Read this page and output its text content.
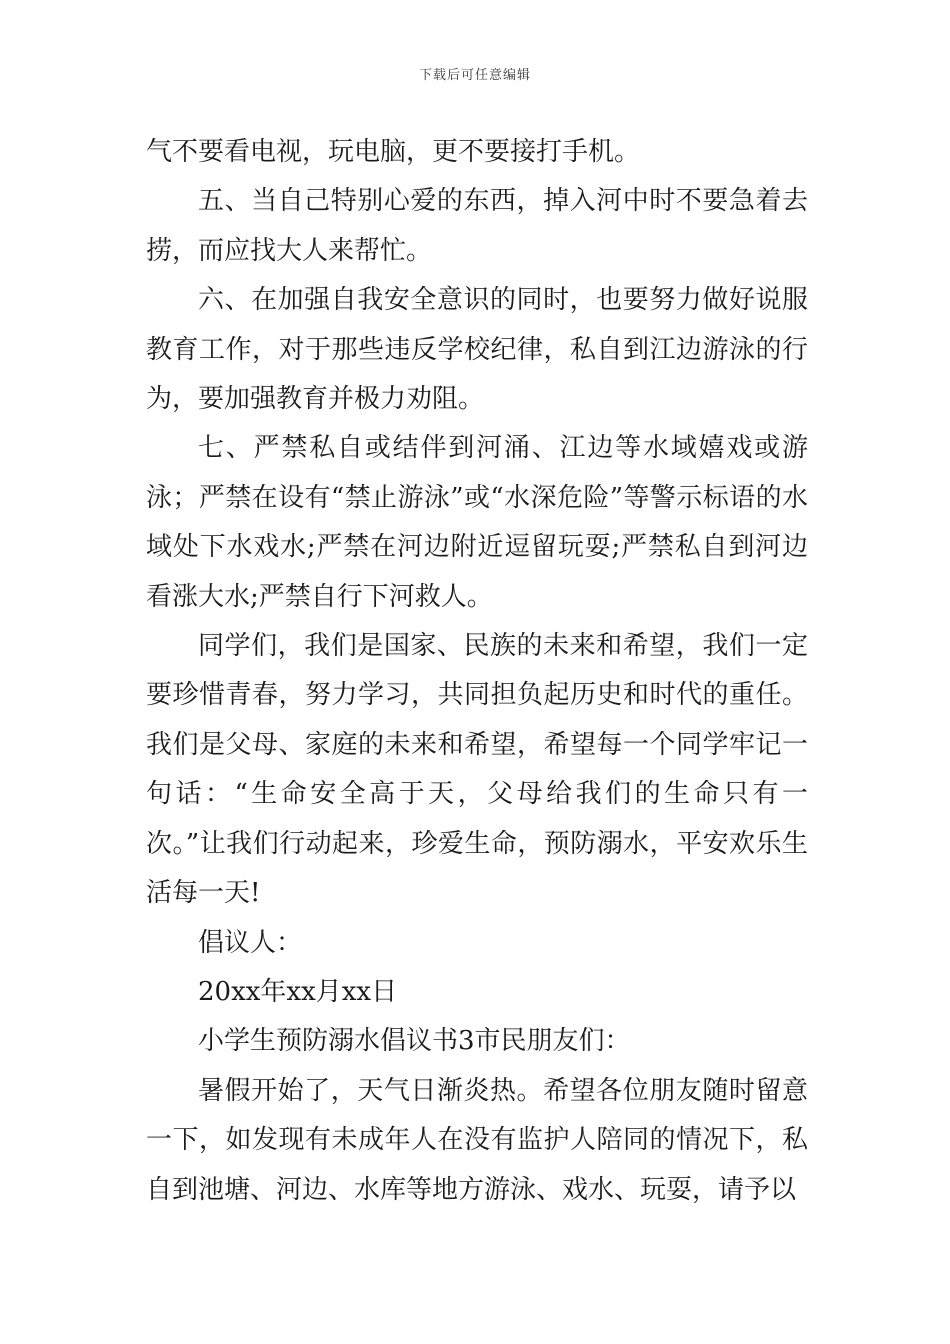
下载后可任意编辑

气不要看电视，玩电脑，更不要接打手机。

五、当自己特别心爱的东西，掉入河中时不要急着去捞，而应找大人来帮忙。

六、在加强自我安全意识的同时，也要努力做好说服教育工作，对于那些违反学校纪律，私自到江边游泳的行为，要加强教育并极力劝阻。

七、严禁私自或结伴到河涌、江边等水域嬉戏或游泳；严禁在设有“禁止游泳”或“水深危险”等警示标语的水域处下水戏水;严禁在河边附近逗留玩耍;严禁私自到河边看涨大水;严禁自行下河救人。

同学们，我们是国家、民族的未来和希望，我们一定要珍惜青春，努力学习，共同担负起历史和时代的重任。我们是父母、家庭的未来和希望，希望每一个同学牢记一句话：“生命安全高于天，父母给我们的生命只有一次。”让我们行动起来，珍爱生命，预防溺水，平安欢乐生活每一天!

倡议人：

20xx年xx月xx日

小学生预防溺水倡议书3市民朋友们：

暑假开始了，天气日渐炎热。希望各位朋友随时留意一下，如发现有未成年人在没有监护人陪同的情况下，私自到池塘、河边、水库等地方游泳、戏水、玩耍，请予以
